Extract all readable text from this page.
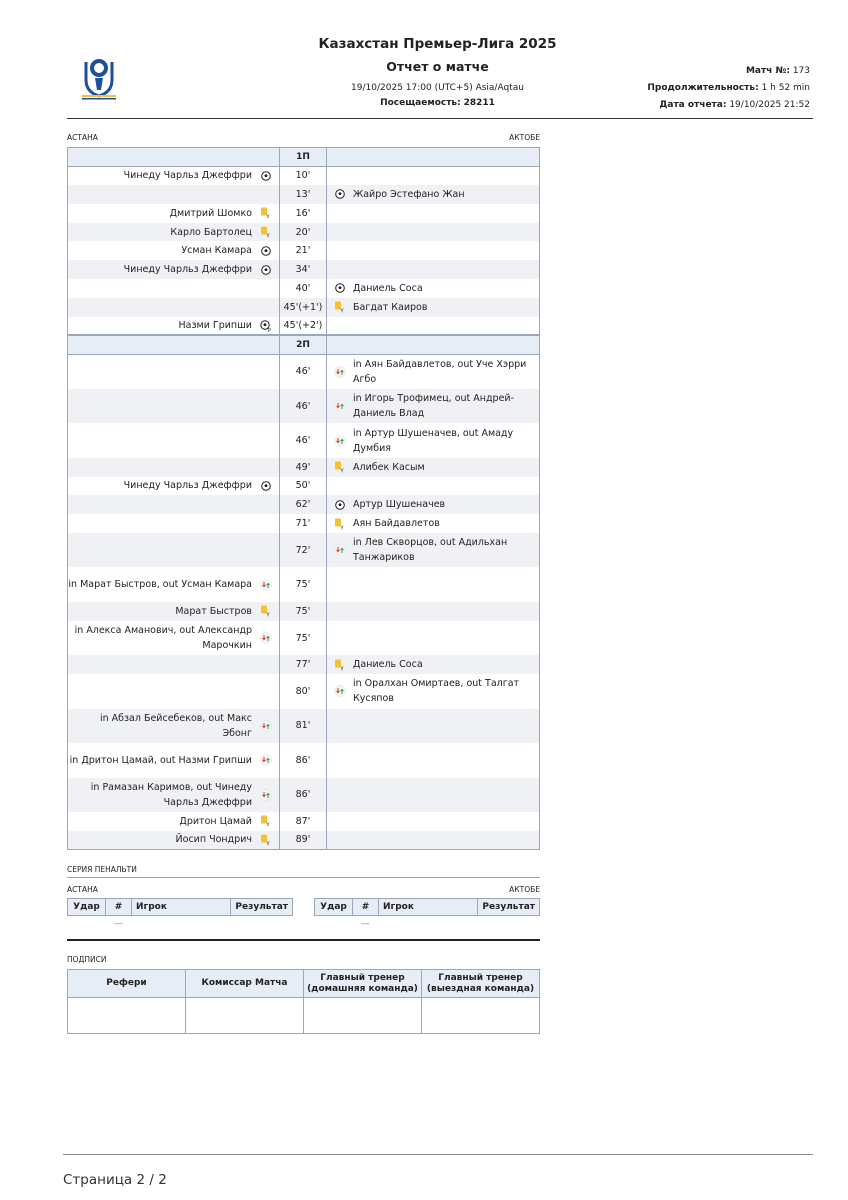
Казахстан Премьер-Лига 2025
Отчет о матче
19/10/2025 17:00 (UTC+5) Asia/Aqtau
Посещаемость: 28211
Матч №: 173
Продолжительность: 1 h 52 min
Дата отчета: 19/10/2025 21:52
АСТАНА	АКТОБЕ
	1П	

Чинеду Чарльз Джеффри	10'	
	13'	Жайро Эстефано Жан

Дмитрий Шомко Y	16'	

Карло Бартолец Y	20'	

Усман Камара	21'	

Чинеду Чарльз Джеффри	34'	
	40'	Даниель Соса

	45'(+1')	Y Багдат Каиров

Назми Грипши P	45'(+2')	
	2П	
	46'	in Аян Байдавлетов, out Уче Хэрри Агбо

	46'	in Игорь Трофимец, out Андрей-Даниель Влад

	46'	in Артур Шушеначев, out Амаду Думбия

	49'	Y Алибек Касым

Чинеду Чарльз Джеффри	50'	
	62'	Артур Шушеначев

	71'	Y Аян Байдавлетов

	72'	in Лев Скворцов, out Адильхан Танжариков

in Марат Быстров, out Усман Камара	75'	

Марат Быстров Y	75'	

in Алекса Аманович, out Александр Марочкин	75'	
	77'	Y Даниель Соса

	80'	in Оралхан Омиртаев, out Талгат Кусяпов

in Абзал Бейсебеков, out Макс Эбонг	81'	

in Дритон Цамай, out Назми Грипши	86'	

in Рамазан Каримов, out Чинеду Чарльз Джеффри	86'	

Дритон Цамай Y	87'	

Йосип Чондрич Y	89'	
СЕРИЯ ПЕНАЛЬТИ
АСТАНА	АКТОБЕ
Удар	#	Игрок	Результат
	—		
Удар	#	Игрок	Результат
	—		
ПОДПИСИ
Рефери	Комиссар Матча	Главный тренер (домашняя команда)	Главный тренер (выездная команда)

Страница 2 / 2
